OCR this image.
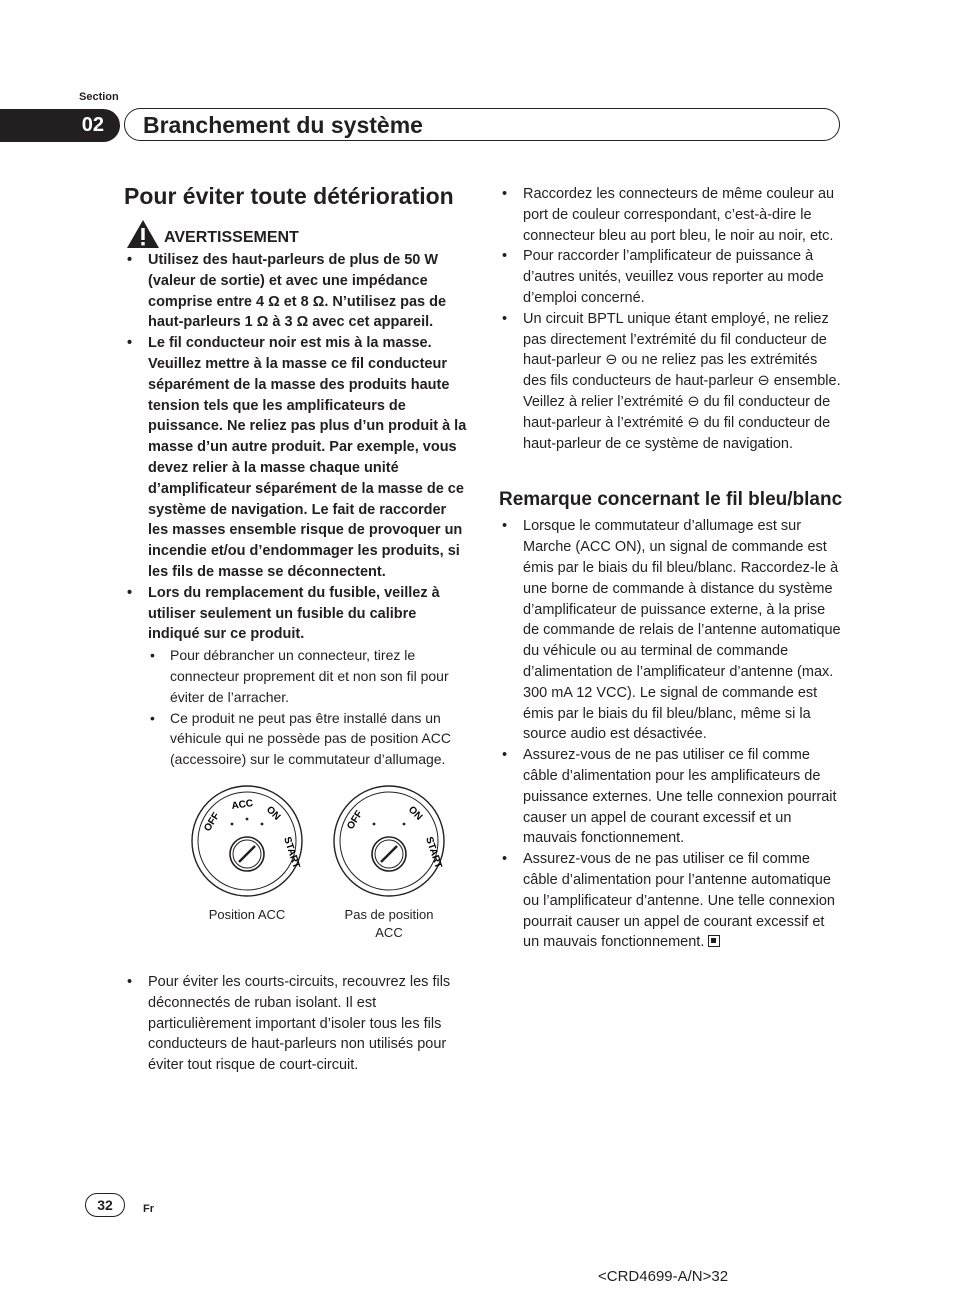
Section
02	Branchement du système
Pour éviter toute détérioration
AVERTISSEMENT
• Utilisez des haut-parleurs de plus de 50 W (valeur de sortie) et avec une impédance comprise entre 4 Ω et 8 Ω. N’utilisez pas de haut-parleurs 1 Ω à 3 Ω avec cet appareil.
• Le fil conducteur noir est mis à la masse. Veuillez mettre à la masse ce fil conducteur séparément de la masse des produits haute tension tels que les amplificateurs de puissance. Ne reliez pas plus d’un produit à la masse d’un autre produit. Par exemple, vous devez relier à la masse chaque unité d’amplificateur séparément de la masse de ce système de navigation. Le fait de raccorder les masses ensemble risque de provoquer un incendie et/ou d’endommager les produits, si les fils de masse se déconnectent.
• Lors du remplacement du fusible, veillez à utiliser seulement un fusible du calibre indiqué sur ce produit.
• Pour débrancher un connecteur, tirez le connecteur proprement dit et non son fil pour éviter de l’arracher.
• Ce produit ne peut pas être installé dans un véhicule qui ne possède pas de position ACC (accessoire) sur le commutateur d’allumage.
OFF
ACC ON
START
Position ACC
OFF	ON
START
Pas de position
ACC
• Pour éviter les courts-circuits, recouvrez les fils déconnectés de ruban isolant. Il est particulièrement important d’isoler tous les fils conducteurs de haut-parleurs non utilisés pour éviter tout risque de court-circuit.
• Raccordez les connecteurs de même couleur au port de couleur correspondant, c’est-à-dire le connecteur bleu au port bleu, le noir au noir, etc.
• Pour raccorder l’amplificateur de puissance à d’autres unités, veuillez vous reporter au mode d’emploi concerné.
• Un circuit BPTL unique étant employé, ne reliez pas directement l’extrémité du fil conducteur de haut-parleur ⊖ ou ne reliez pas les extrémités des fils conducteurs de haut-parleur ⊖ ensemble. Veillez à relier l’extrémité ⊖ du fil conducteur de haut-parleur à l’extrémité ⊖ du fil conducteur de haut-parleur de ce système de navigation.
Remarque concernant le fil bleu/blanc
• Lorsque le commutateur d’allumage est sur Marche (ACC ON), un signal de commande est émis par le biais du fil bleu/blanc. Raccordez-le à une borne de commande à distance du système d’amplificateur de puissance externe, à la prise de commande de relais de l’antenne automatique du véhicule ou au terminal de commande d’alimentation de l’amplificateur d’antenne (max. 300 mA 12 VCC). Le signal de commande est émis par le biais du fil bleu/blanc, même si la source audio est désactivée.
• Assurez-vous de ne pas utiliser ce fil comme câble d’alimentation pour les amplificateurs de puissance externes. Une telle connexion pourrait causer un appel de courant excessif et un mauvais fonctionnement.
• Assurez-vous de ne pas utiliser ce fil comme câble d’alimentation pour l’antenne automatique ou l’amplificateur d’antenne. Une telle connexion pourrait causer un appel de courant excessif et un mauvais fonctionnement.
32	Fr
<CRD4699-A/N>32
